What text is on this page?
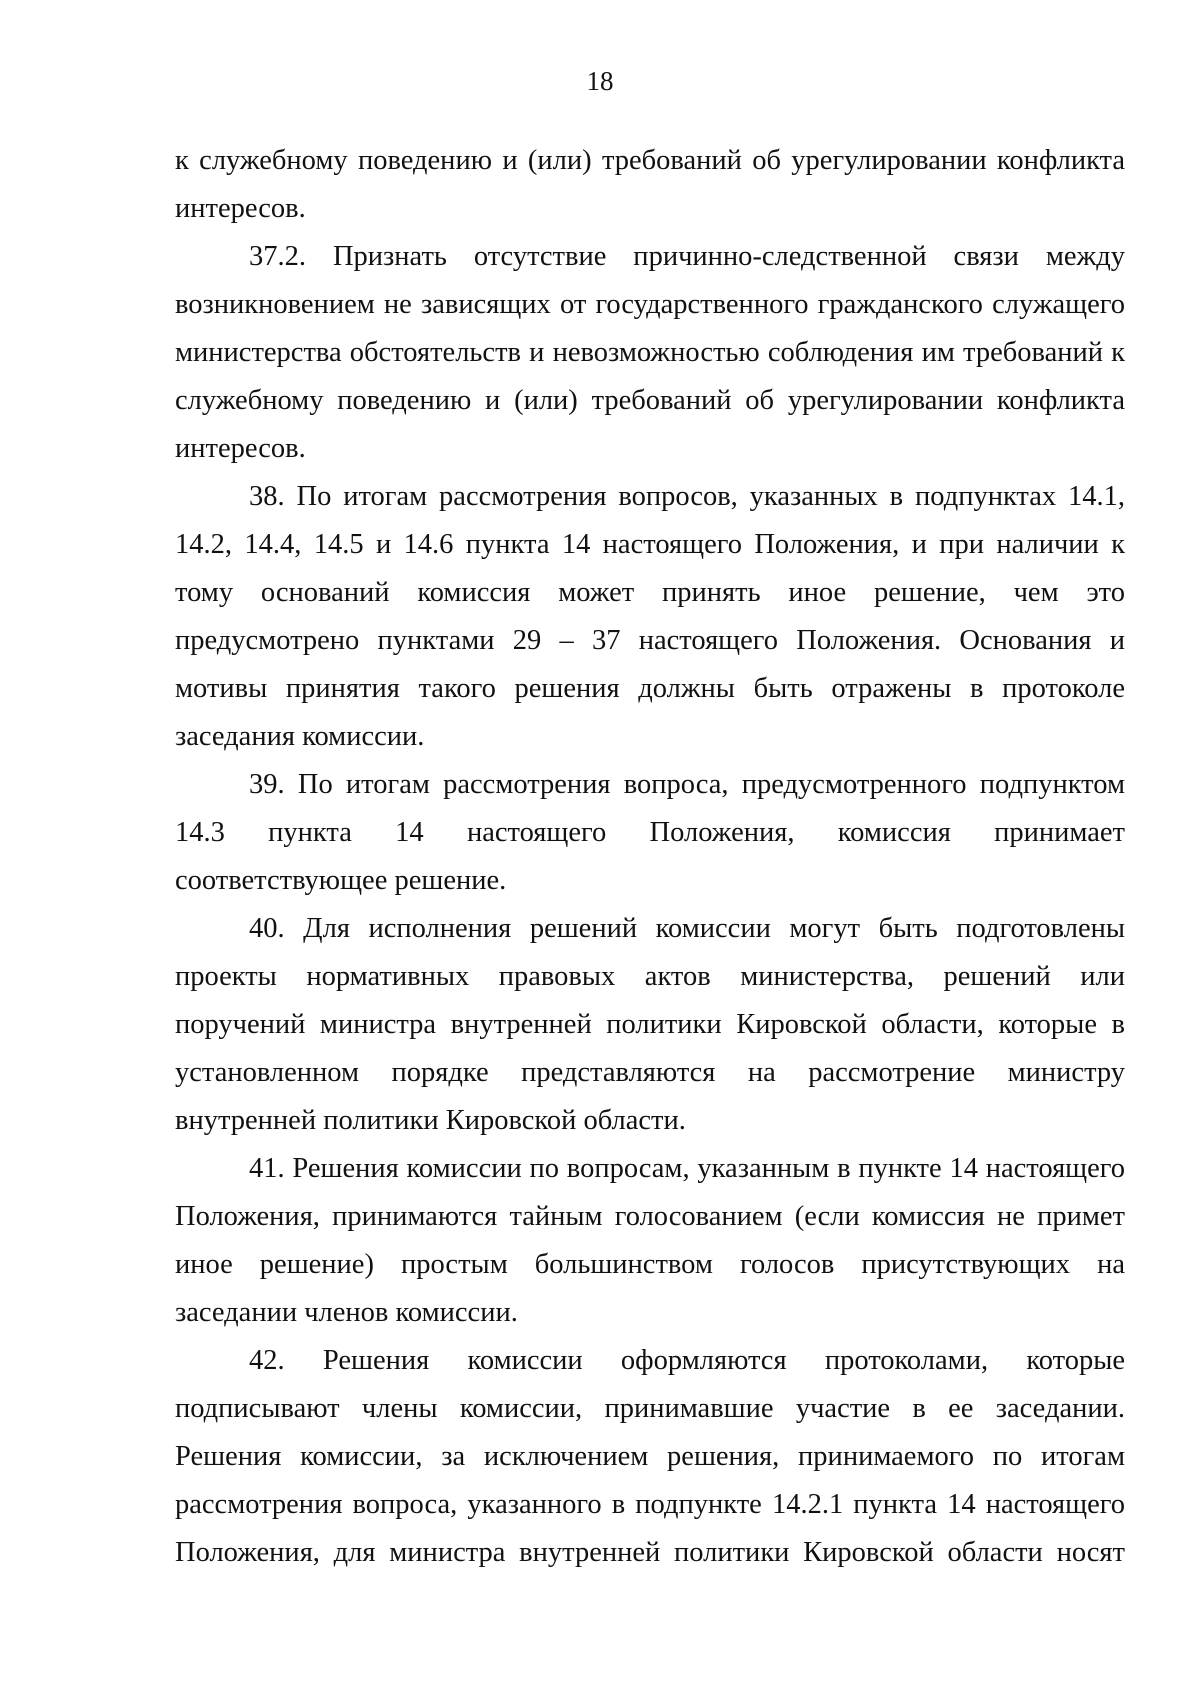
18

к служебному поведению и (или) требований об урегулировании конфликта интересов.

37.2. Признать отсутствие причинно-следственной связи между возникновением не зависящих от государственного гражданского служащего министерства обстоятельств и невозможностью соблюдения им требований к служебному поведению и (или) требований об урегулировании конфликта интересов.

38. По итогам рассмотрения вопросов, указанных в подпунктах 14.1, 14.2, 14.4, 14.5 и 14.6 пункта 14 настоящего Положения, и при наличии к тому оснований комиссия может принять иное решение, чем это предусмотрено пунктами 29 – 37 настоящего Положения. Основания и мотивы принятия такого решения должны быть отражены в протоколе заседания комиссии.

39. По итогам рассмотрения вопроса, предусмотренного подпунктом 14.3 пункта 14 настоящего Положения, комиссия принимает соответствующее решение.

40. Для исполнения решений комиссии могут быть подготовлены проекты нормативных правовых актов министерства, решений или поручений министра внутренней политики Кировской области, которые в установленном порядке представляются на рассмотрение министру внутренней политики Кировской области.

41. Решения комиссии по вопросам, указанным в пункте 14 настоящего Положения, принимаются тайным голосованием (если комиссия не примет иное решение) простым большинством голосов присутствующих на заседании членов комиссии.

42. Решения комиссии оформляются протоколами, которые подписывают члены комиссии, принимавшие участие в ее заседании. Решения комиссии, за исключением решения, принимаемого по итогам рассмотрения вопроса, указанного в подпункте 14.2.1 пункта 14 настоящего Положения, для министра внутренней политики Кировской области носят
